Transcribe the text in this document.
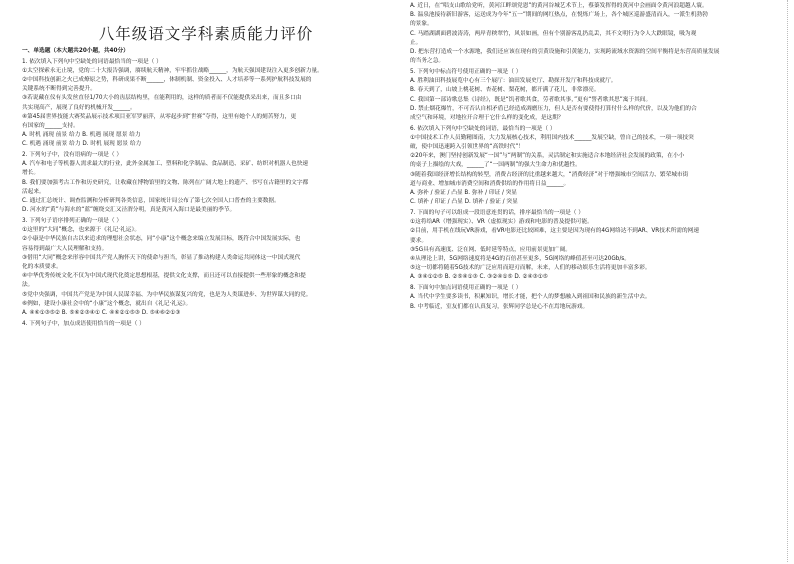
八年级语文学科素质能力评价
一、单选题（本大题共20小题，共40分）
1. 依次填入下列句中空缺处的词语最恰当的一项是（ ）
①太空探索永无止境，党的二十大报告强调，赓续航天精神，牢牢抓住战略______，为航天强国建设注入更多创新力量。
②中国科技创新之火已成燎原之势，科研成果不断______，体制机制、资金投入、人才培养等一系列护航科技发展的
关键系统不断得到完善提升。
③若说藏在仪有头发丝直径1/70大小的齿层结构里，在能利用的，这样的质者而不仅能提供采出来，而且多口由
共实现高产，展现了良好的机械开发______。
④第45届世界技能大赛奖品展示技术项目亚军罗丽萍，从零起步到“世赛”夺得，这里有她个人的刻苦努力，更
有国家的______支持。
A. 时机 涌现 前景 给力 B. 机遇 展现 愿景 给力
C. 机遇 涌现 前景 给力 D. 时机 展现 愿景 给力
2. 下列句子中，没有语病的一项是（ ）
A. 汽车和电子等机器人需求最大的行业，此外金属加工、塑料和化学制品、食品制造、采矿、纺织对机器人也快速
增长。
B. 我们要加强考古工作和历史研究，让收藏在博物馆里的文物、陈列在广阔大地上的遗产、书写在古籍里的文字都
活起来。
C. 通过汇总统计、调查监测和分析研判各类信息，国家统计局公布了第七次全国人口普查的主要数据。
D. 河水的“黄”与海水的“蓝”缠绕交汇又泾渭分明，真是黄河入海口是最美丽的季节。
3. 下列句子语序排列正确的一项是（ ）
①这里的“大同”概念，也来源于《礼记·礼运》。
②小康是中华民族自古以来追求的理想社会状态，同“小康”这个概念来编立发展目标，既符合中国发展实际，也
容易得到最广大人民理解和支持。
③借用“大同”概念来形容中国共产党人胸怀天下的使命与担当，彰显了推动构建人类命运共同体这一中国式现代
化的本质要求。
④中华优秀传统文化不仅为中国式现代化奠定思想根基，提供文化支撑，而且还可以直接提供一些形象的概念和提
法。
⑤党中央强调，中国共产党是为中国人民谋幸福、为中华民族谋复兴的党，也是为人类谋进步、为世界谋大同的党。
⑥例如，建设小康社会中的“小康”这个概念，就出自《礼记·礼运》。
A. ④⑥①③⑤② B. ⑤⑥②③④① C. ④⑥②①⑤③ D. ⑤④⑥②①③
4. 下列句子中，加点成语使用恰当的一项是（ ）
A. 近日，在“唱支山歌给党听，黄河江畔颂党恩”的黄河谷城艺术节上，蔡蓁发挥得的黄河中会画面令黄河浪超越人寰。
B. 温泉池接待新旧游客，运送成为今年“五一”期间的网红热点，在悦烁广场上，各个城区巡游盛清而入，一派生机勃勃
的景象。
C. 马踏湖湖面碧波涛涛，两岸青秧翠竹，风景如画，但有个别游客乱扔乱丢，其不文明行为令人大跌眼镜，吸为观
止。
D. 把东营打造成一个水源地，我们还应该在现有的引黄设施和引黄能力，实现跨流域水资源的空间平衡将是东营高质量发展
的当务之急。
5. 下列句中标点符号使用正确的一项是（ ）
A. 胜利油田科技展览中心有三个展厅：油田发展史厅、勘探开发厅和科技成就厅。
B. 春天到了，山坡上桃花树、杏花树、梨花树，都开满了花儿，非常漂亮。
C. 我国第一部诗歌总集《诗经》，既是“饥者歌其食，劳者歌其事，”更有“誓者歌其思”寓于其间。
D. 禁止烟花爆竹，不可否认自相矛盾已经造成凋磨压力，但人是否有要使得打算付什么样的代价，以及为他们的合
成空气和环境，对地拉开合理于它什么样的变化成，是这期？
6. 依次填入下列句中空缺处的词语，最恰当的一项是（ ）
①中国技术工作人员勤精图南，大力发展核心技术，利用国内技术______发展空缺，曾自己的技术，一项一项技突
破，使中国迅速跨入引领世界的“高铁时代”！
②20年来，澳门坚持创新发展“一国”与“两制”的关系，灵活制定和实施适合本地经济社会发展的政策，在小小
的桌子上描绘的大戏，______了“一国两制”的强大生命力和优越性。
③随着我国经济增长结构的转型，消费占经济的比重越来越大，“消费经济”对于增强城市空间活力、繁荣城市街
道与商业、增加城市消费空间和消费供给的作用将日益______。
A. 弥补 / 验证 / 凸显 B. 弥补 / 印证 / 突显
C. 填补 / 印证 / 凸显 D. 填补 / 验证 / 突显
7. 下面的句子可以组成一段语意连贯的话，排序最恰当的一项是（ ）
①这将给AR（增强现实）、VR（虚拟现实）游戏和电影的普及提供可能。
②目前，用手机在线玩VR游戏，看VR电影还比较困难，这主要是因为现有的4G网络达不到AR、VR技术所需的网速
要求。
③5G具有高速度、泛在网、低时延等特点，应用前景更加广阔。
④从理论上讲，5G网络速度将是4G的百倍甚至更多，5G网络的峰值甚至可达20Gb/s。
⑤这一切都将随着5G技术的广泛应用而迎刃而解，未来，人们的移动娱乐生活将更加丰富多彩。
A. ③④①②⑤ B. ②⑤④①③ C. ③②④①⑤ D. ②④③①⑤
8. 下面句中加点词语使用正确的一项是（ ）
A. 当代中学生要多读书，积累知识，增长才能，把个人的梦想融入到祖国和民族的新生活中去。
B. 中考临近，室友们都在认真复习，张辉同学总是心不在焉地玩游戏。
